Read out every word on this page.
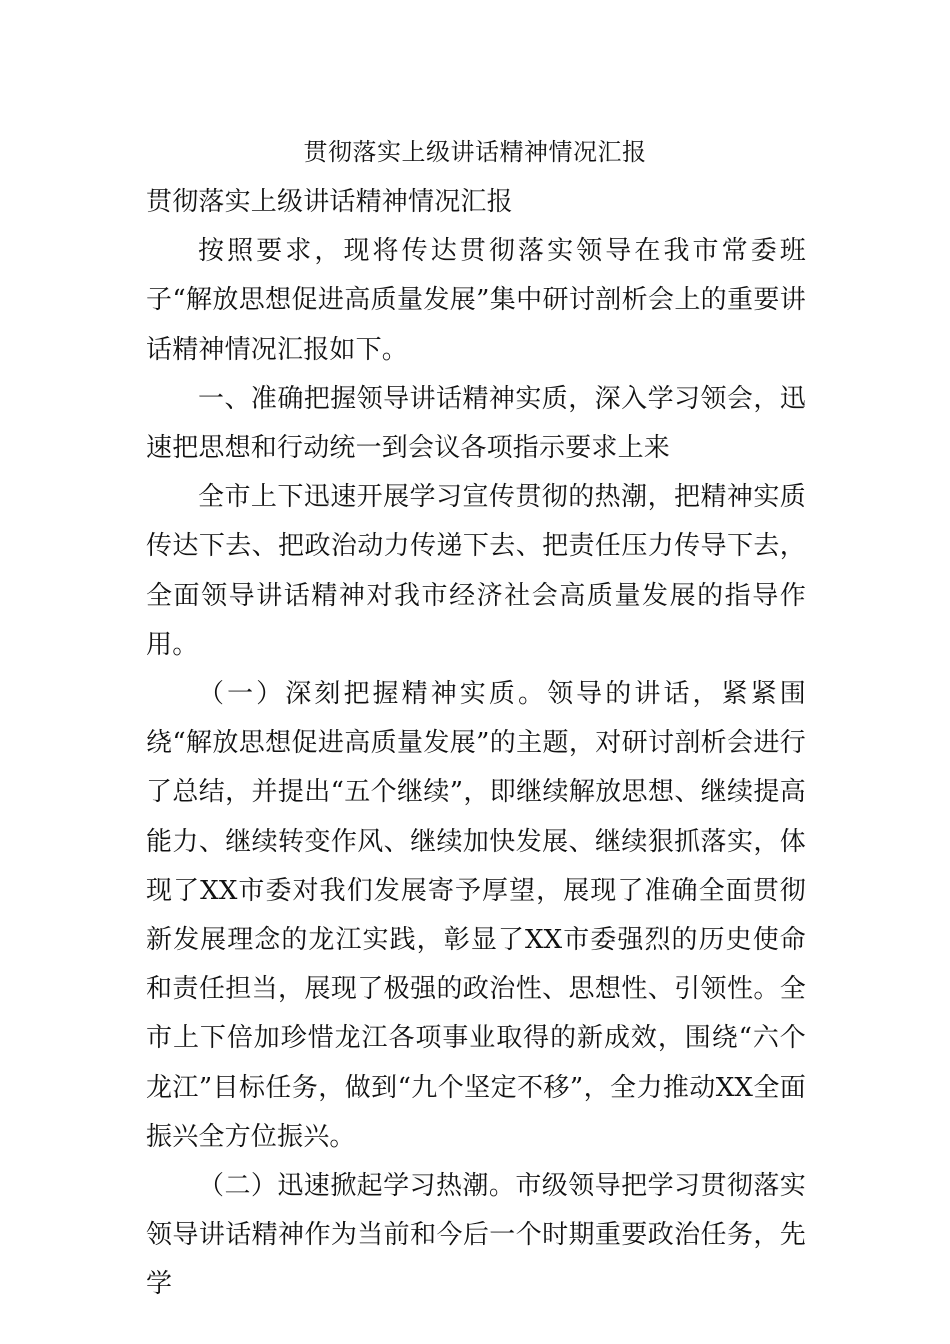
贯彻落实上级讲话精神情况汇报

贯彻落实上级讲话精神情况汇报

按照要求，现将传达贯彻落实领导在我市常委班子“解放思想促进高质量发展”集中研讨剖析会上的重要讲话精神情况汇报如下。

一、准确把握领导讲话精神实质，深入学习领会，迅速把思想和行动统一到会议各项指示要求上来

全市上下迅速开展学习宣传贯彻的热潮，把精神实质传达下去、把政治动力传递下去、把责任压力传导下去，全面领导讲话精神对我市经济社会高质量发展的指导作用。

（一）深刻把握精神实质。领导的讲话，紧紧围绕“解放思想促进高质量发展”的主题，对研讨剖析会进行了总结，并提出“五个继续”，即继续解放思想、继续提高能力、继续转变作风、继续加快发展、继续狠抓落实，体现了XX市委对我们发展寄予厚望，展现了准确全面贯彻新发展理念的龙江实践，彰显了XX市委强烈的历史使命和责任担当，展现了极强的政治性、思想性、引领性。全市上下倍加珍惜龙江各项事业取得的新成效，围绕“六个龙江”目标任务，做到“九个坚定不移”，全力推动XX全面振兴全方位振兴。

（二）迅速掀起学习热潮。市级领导把学习贯彻落实领导讲话精神作为当前和今后一个时期重要政治任务，先学
